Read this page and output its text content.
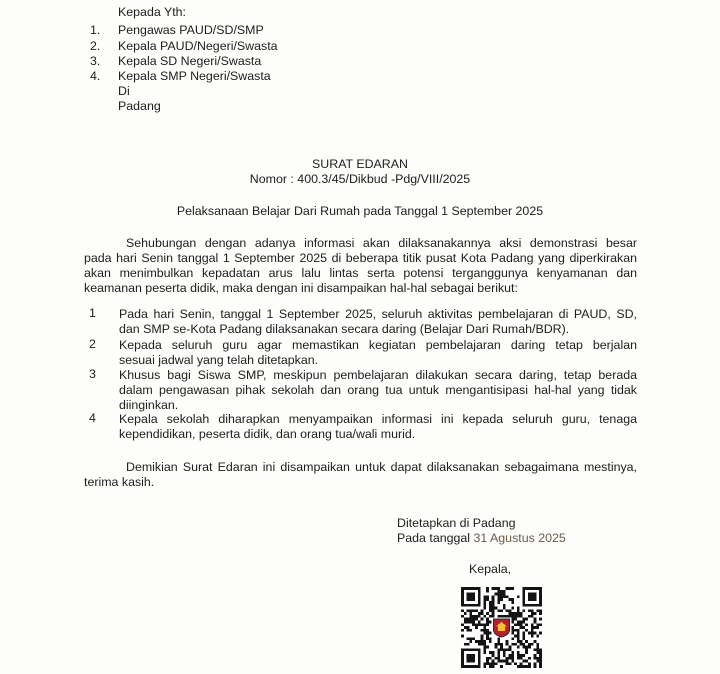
Kepada Yth:
1. Pengawas PAUD/SD/SMP
2. Kepala PAUD/Negeri/Swasta
3. Kepala SD Negeri/Swasta
4. Kepala SMP Negeri/Swasta
Di
Padang
SURAT EDARAN
Nomor : 400.3/45/Dikbud -Pdg/VIII/2025
Pelaksanaan Belajar Dari Rumah pada Tanggal 1 September 2025
Sehubungan dengan adanya informasi akan dilaksanakannya aksi demonstrasi besar
pada hari Senin tanggal 1 September 2025 di beberapa titik pusat Kota Padang yang diperkirakan
akan menimbulkan kepadatan arus lalu lintas serta potensi terganggunya kenyamanan dan
keamanan peserta didik, maka dengan ini disampaikan hal-hal sebagai berikut:
1 Pada hari Senin, tanggal 1 September 2025, seluruh aktivitas pembelajaran di PAUD, SD,
dan SMP se-Kota Padang dilaksanakan secara daring (Belajar Dari Rumah/BDR).
2 Kepada seluruh guru agar memastikan kegiatan pembelajaran daring tetap berjalan
sesuai jadwal yang telah ditetapkan.
3 Khusus bagi Siswa SMP, meskipun pembelajaran dilakukan secara daring, tetap berada
dalam pengawasan pihak sekolah dan orang tua untuk mengantisipasi hal-hal yang tidak
diinginkan.
4 Kepala sekolah diharapkan menyampaikan informasi ini kepada seluruh guru, tenaga
kependidikan, peserta didik, dan orang tua/wali murid.
Demikian Surat Edaran ini disampaikan untuk dapat dilaksanakan sebagaimana mestinya,
terima kasih.
Ditetapkan di Padang
Pada tanggal 31 Agustus 2025
Kepala,
